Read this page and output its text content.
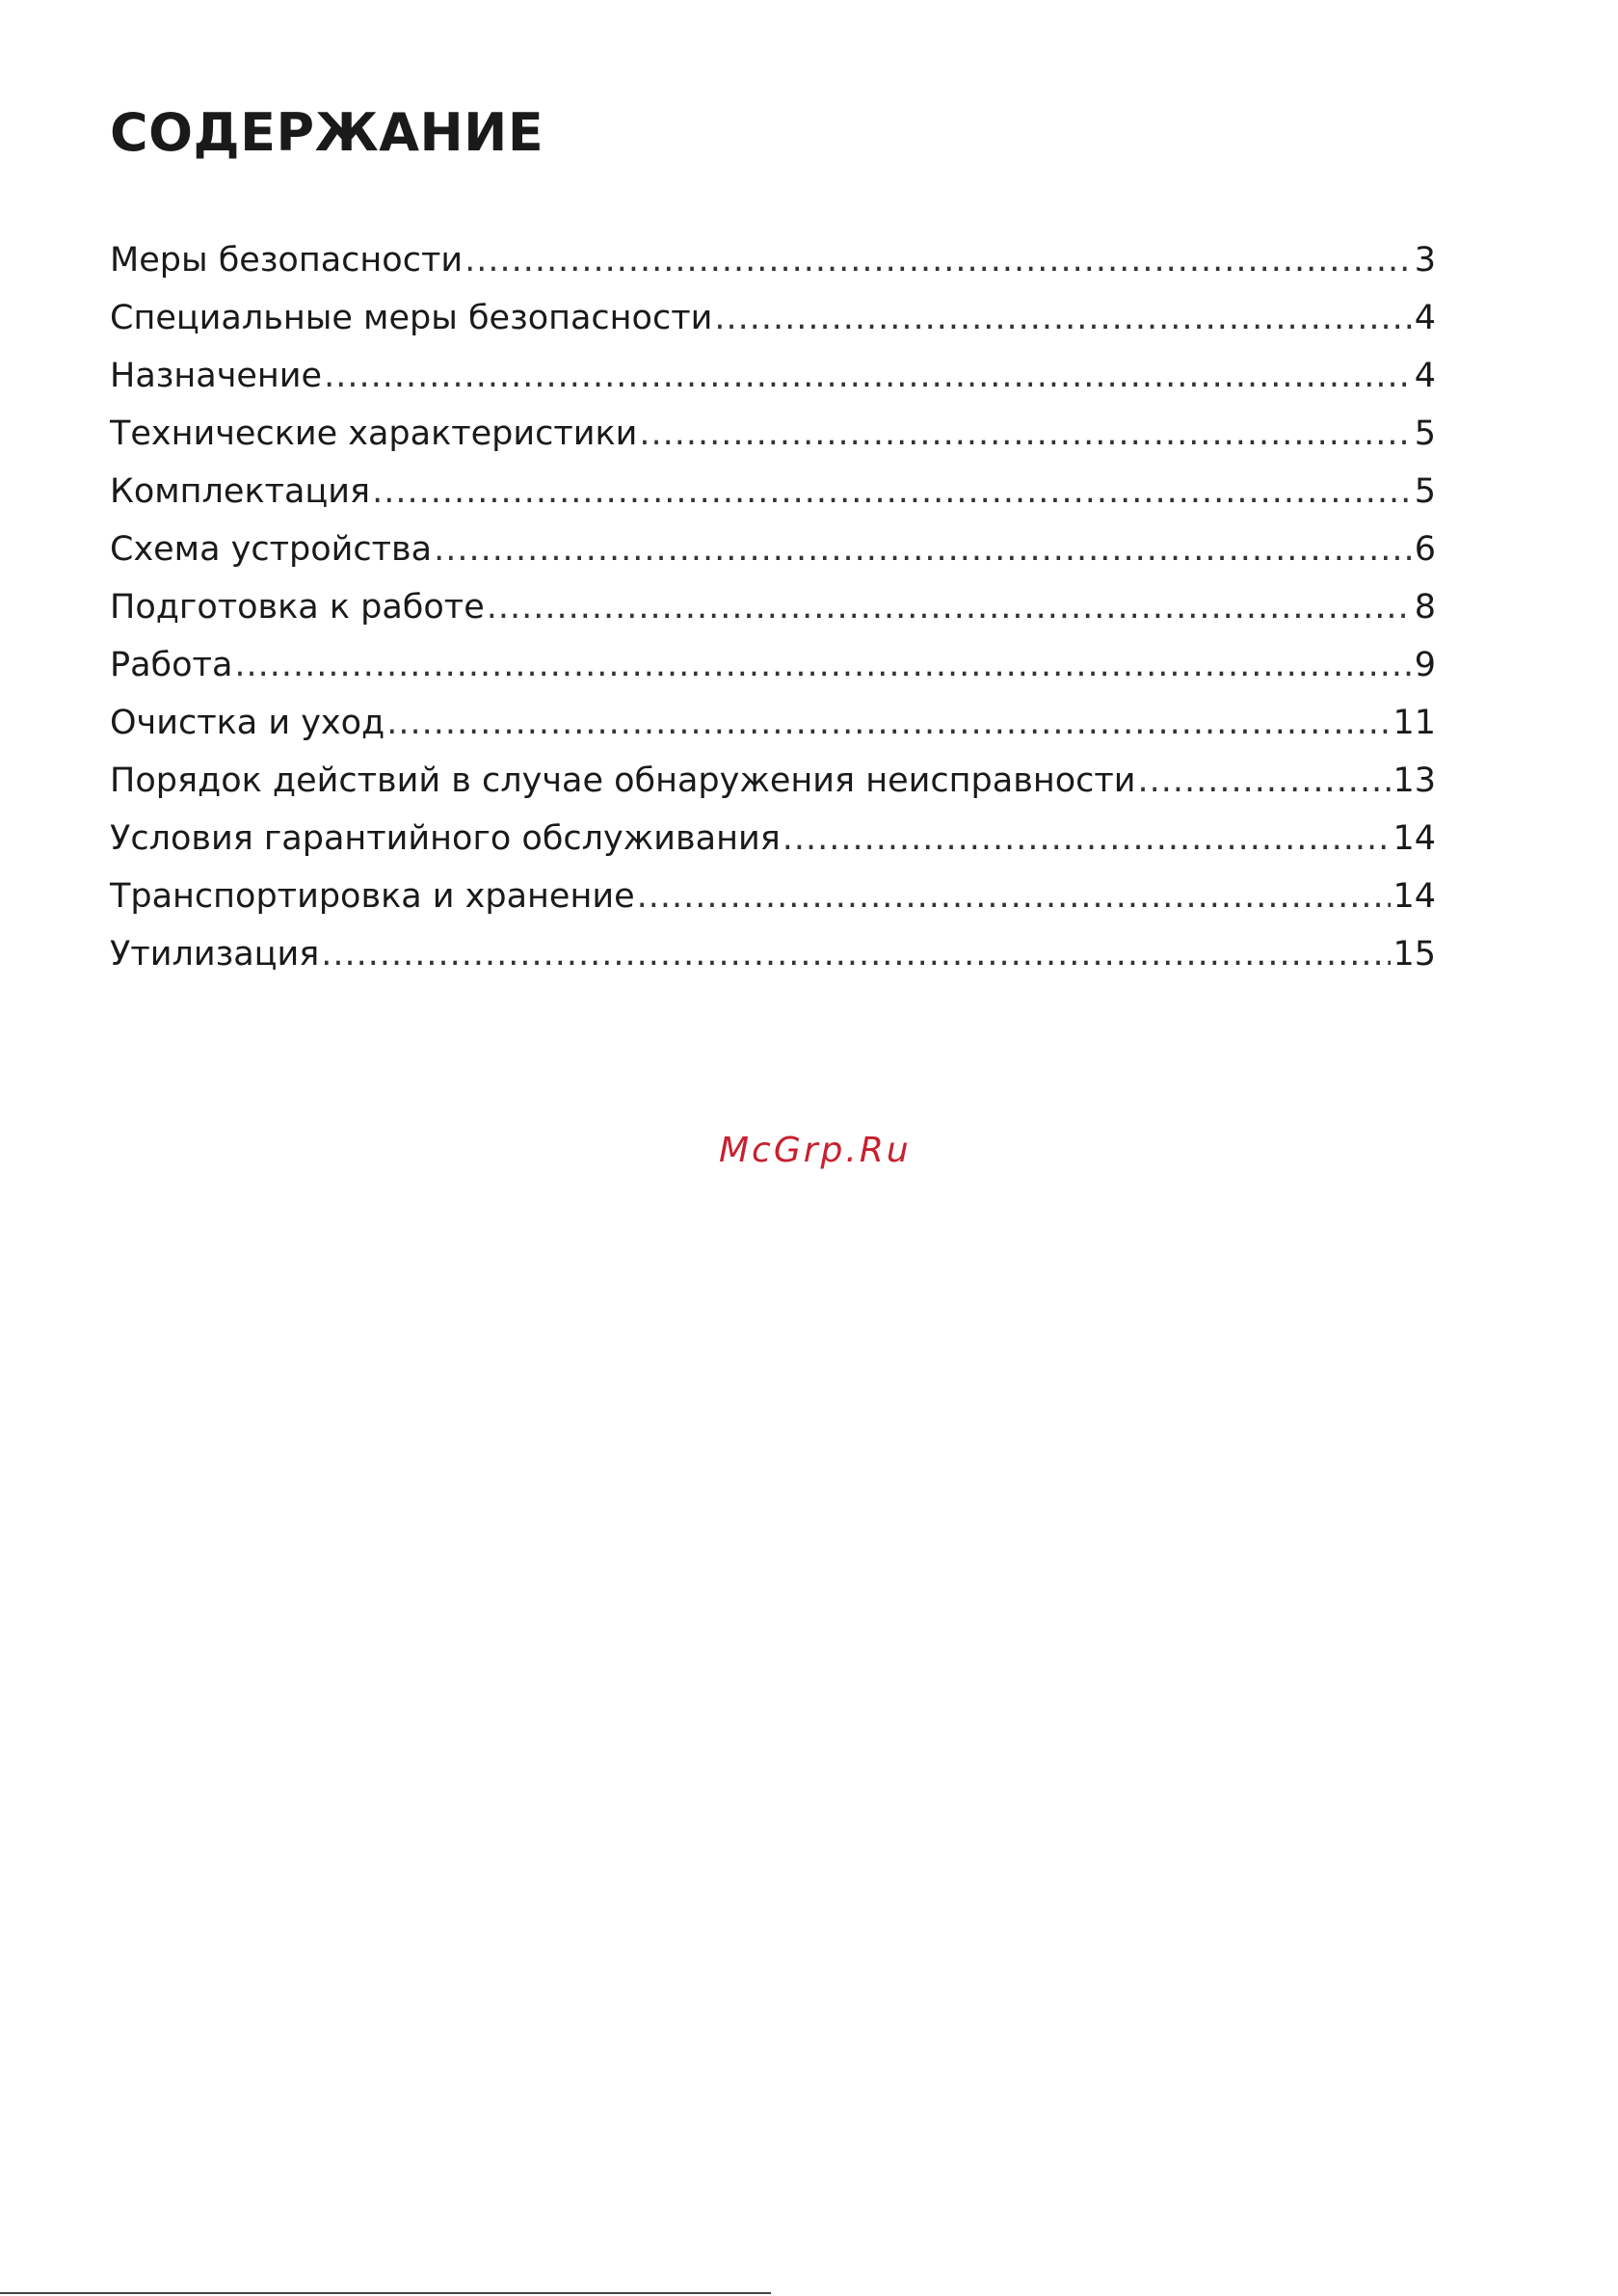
СОДЕРЖАНИЕ
Меры безопасности .....	3
Специальные меры безопасности .....	4
Назначение .....	4
Технические характеристики .....	5
Комплектация .....	5
Схема устройства .....	6
Подготовка к работе .....	8
Работа .....	9
Очистка и уход .....	11
Порядок действий в случае обнаружения неисправности .....	13
Условия гарантийного обслуживания .....	14
Транспортировка и хранение .....	14
Утилизация .....	15
McGrp.Ru
